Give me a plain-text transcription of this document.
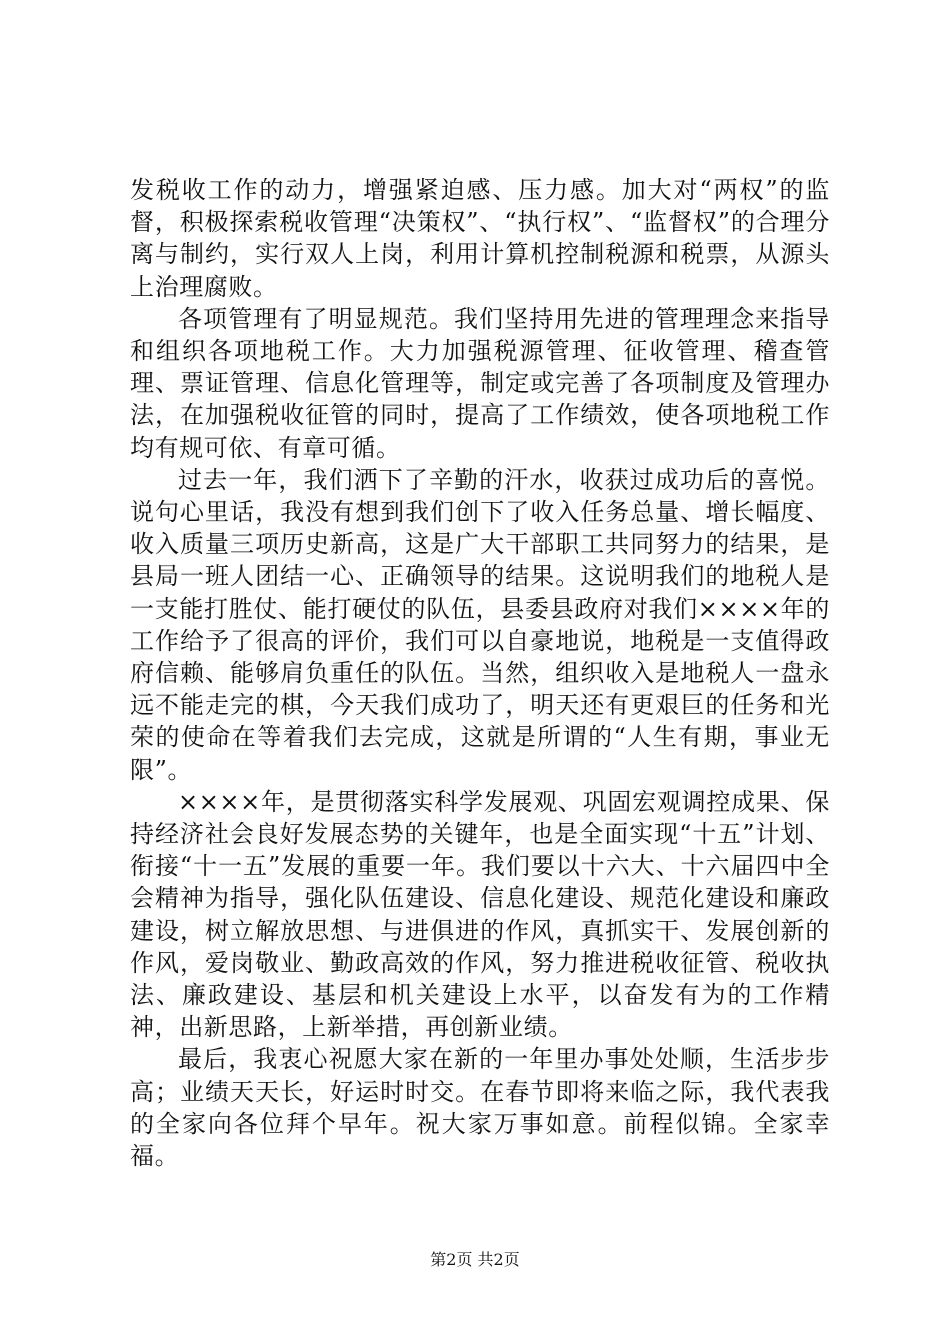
发税收工作的动力，增强紧迫感、压力感。加大对“两权”的监督，积极探索税收管理“决策权”、“执行权”、“监督权”的合理分离与制约，实行双人上岗，利用计算机控制税源和税票，从源头上治理腐败。

各项管理有了明显规范。我们坚持用先进的管理理念来指导和组织各项地税工作。大力加强税源管理、征收管理、稽查管理、票证管理、信息化管理等，制定或完善了各项制度及管理办法，在加强税收征管的同时，提高了工作绩效，使各项地税工作均有规可依、有章可循。

过去一年，我们洒下了辛勤的汗水，收获过成功后的喜悦。说句心里话，我没有想到我们创下了收入任务总量、增长幅度、收入质量三项历史新高，这是广大干部职工共同努力的结果，是县局一班人团结一心、正确领导的结果。这说明我们的地税人是一支能打胜仗、能打硬仗的队伍，县委县政府对我们××××年的工作给予了很高的评价，我们可以自豪地说，地税是一支值得政府信赖、能够肩负重任的队伍。当然，组织收入是地税人一盘永远不能走完的棋，今天我们成功了，明天还有更艰巨的任务和光荣的使命在等着我们去完成，这就是所谓的“人生有期，事业无限”。

××××年，是贯彻落实科学发展观、巩固宏观调控成果、保持经济社会良好发展态势的关键年，也是全面实现“十五”计划、衔接“十一五”发展的重要一年。我们要以十六大、十六届四中全会精神为指导，强化队伍建设、信息化建设、规范化建设和廉政建设，树立解放思想、与进俱进的作风，真抓实干、发展创新的作风，爱岗敬业、勤政高效的作风，努力推进税收征管、税收执法、廉政建设、基层和机关建设上水平，以奋发有为的工作精神，出新思路，上新举措，再创新业绩。

最后，我衷心祝愿大家在新的一年里办事处处顺，生活步步高；业绩天天长，好运时时交。在春节即将来临之际，我代表我的全家向各位拜个早年。祝大家万事如意。前程似锦。全家幸福。

第2页 共2页
